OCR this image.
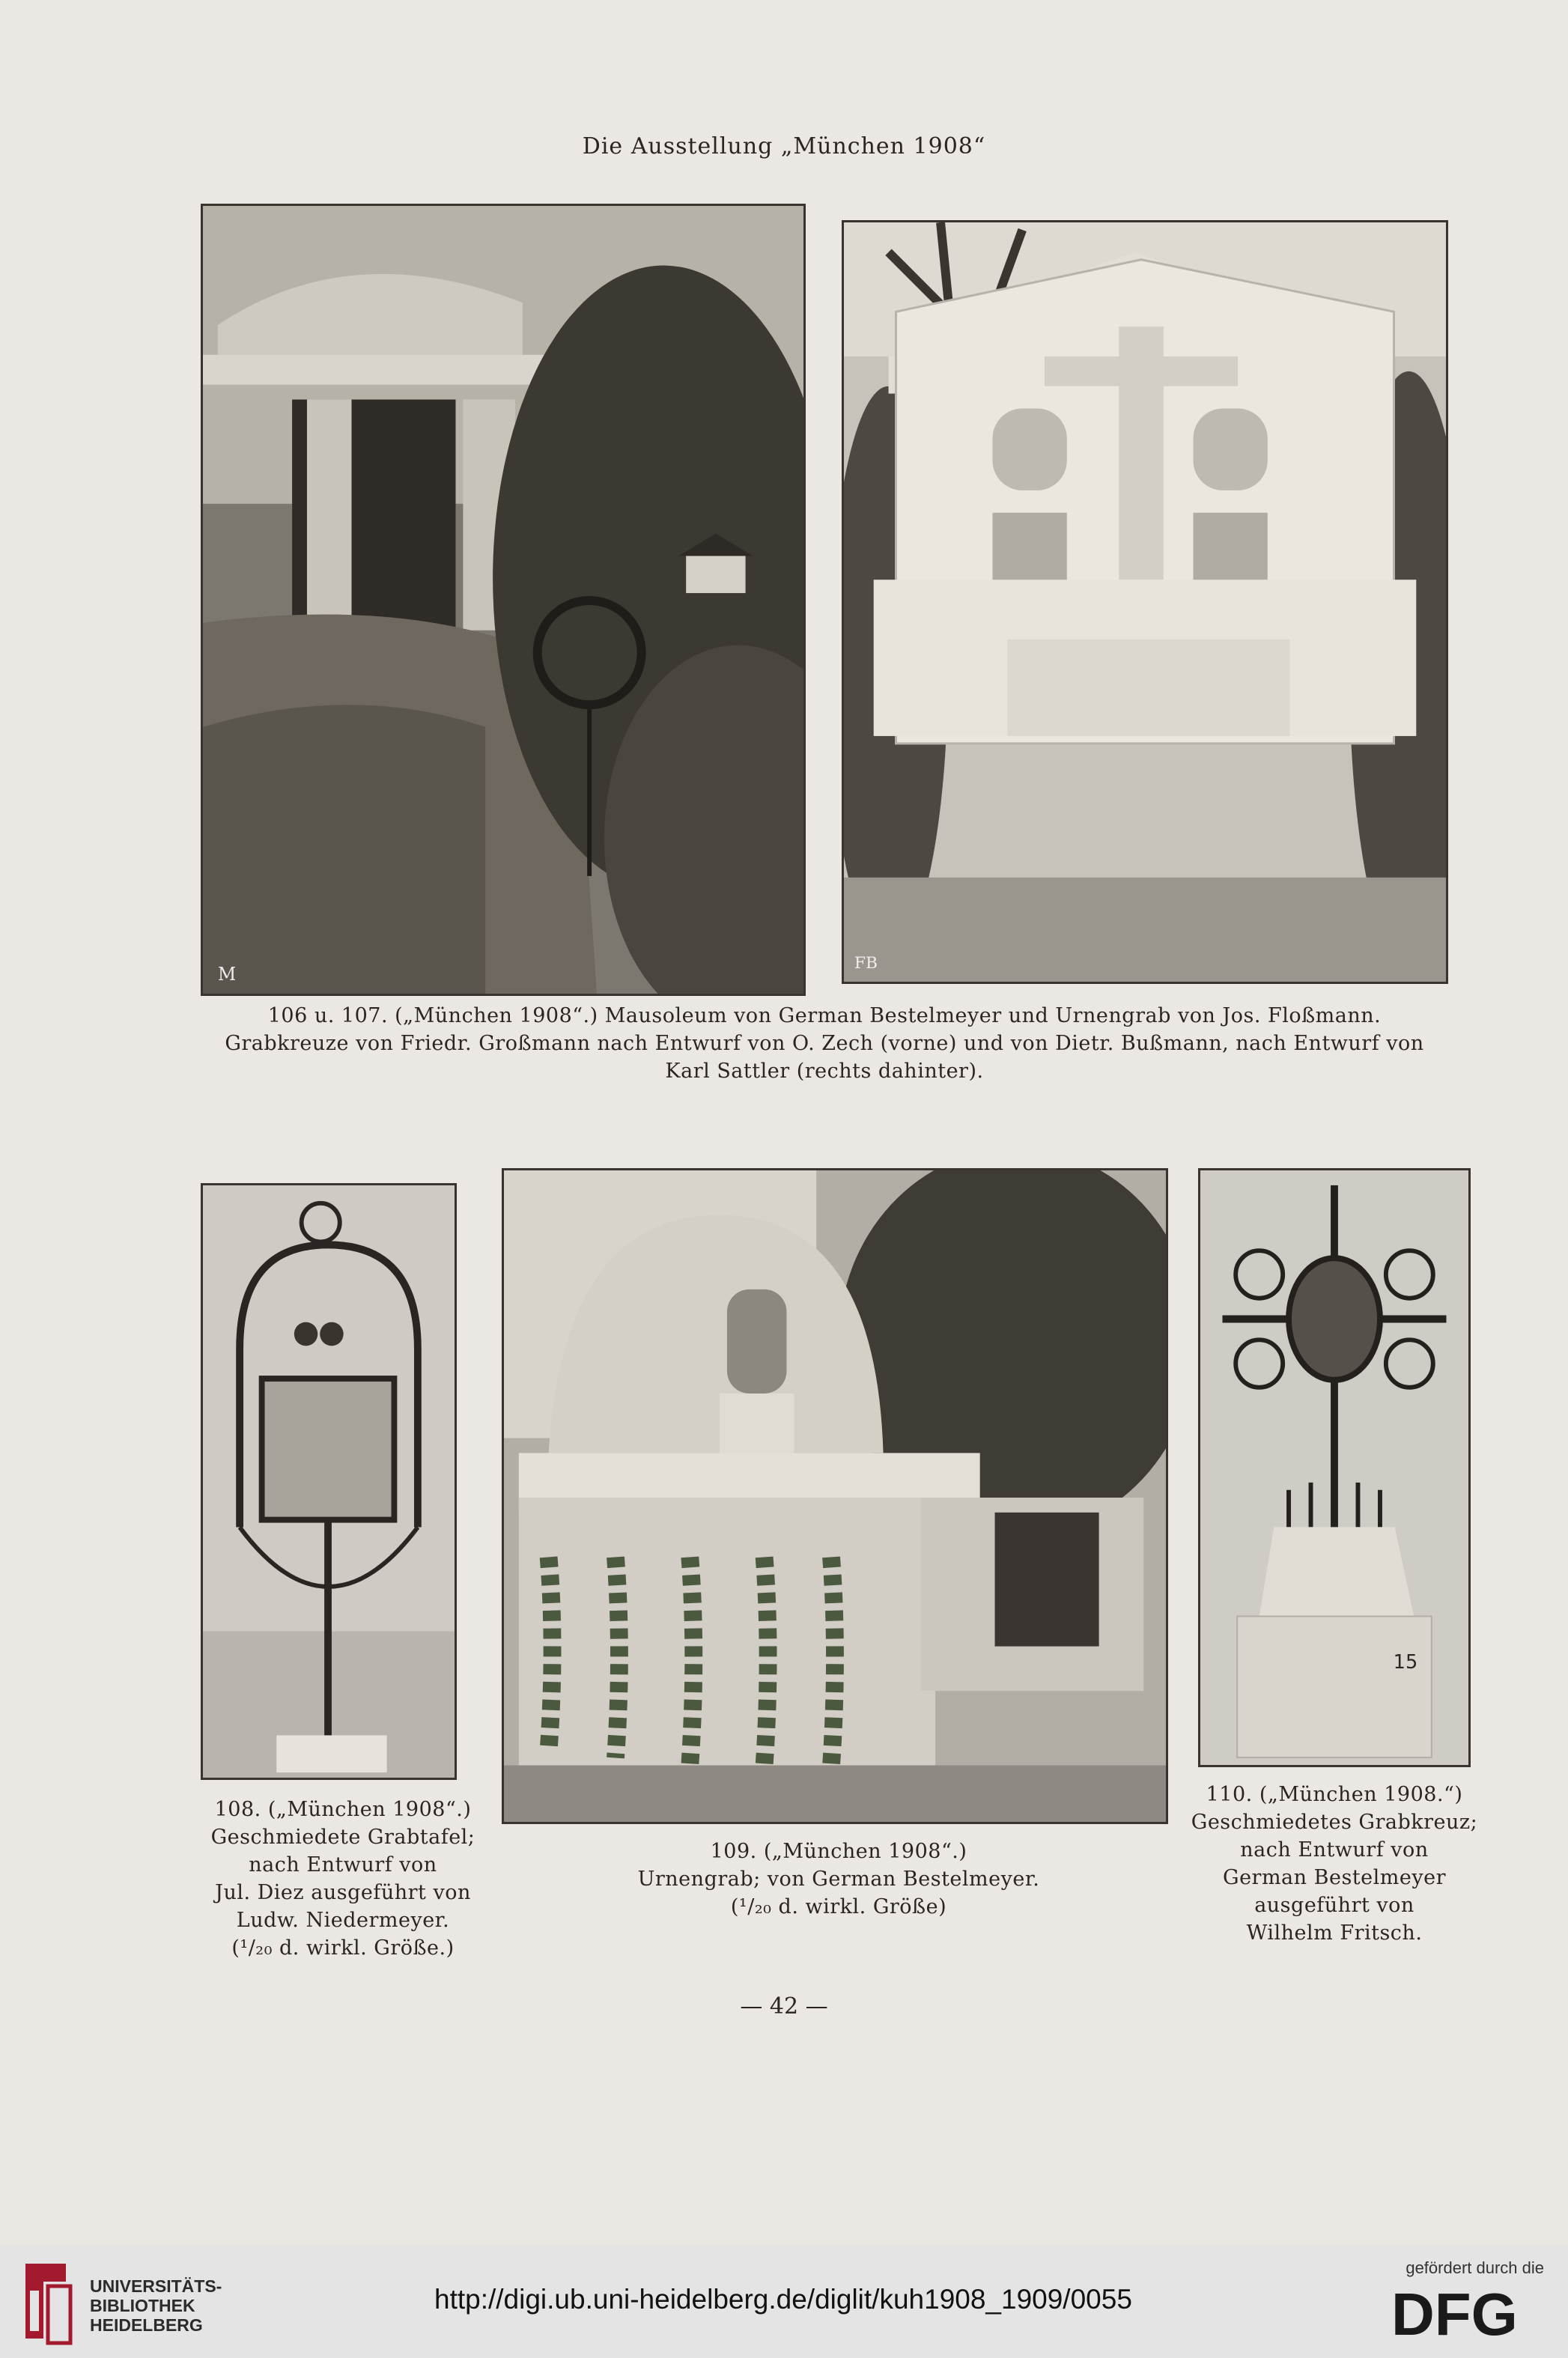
Die Ausstellung „München 1908“
M
FB
106 u. 107. („München 1908“.) Mausoleum von German Bestelmeyer und Urnengrab von Jos. Floßmann.
Grabkreuze von Friedr. Großmann nach Entwurf von O. Zech (vorne) und von Dietr. Bußmann, nach Entwurf von
Karl Sattler (rechts dahinter).
108. („München 1908“.)
Geschmiedete Grabtafel;
nach Entwurf von
Jul. Diez ausgeführt von
Ludw. Niedermeyer.
(¹/₂₀ d. wirkl. Größe.)
109. („München 1908“.)
Urnengrab; von German Bestelmeyer.
(¹/₂₀ d. wirkl. Größe)
15
110. („München 1908.“)
Geschmiedetes Grabkreuz;
nach Entwurf von
German Bestelmeyer
ausgeführt von
Wilhelm Fritsch.
— 42 —
UNIVERSITÄTS-
BIBLIOTHEK
HEIDELBERG
http://digi.ub.uni-heidelberg.de/diglit/kuh1908_1909/0055
gefördert durch die
DFG
